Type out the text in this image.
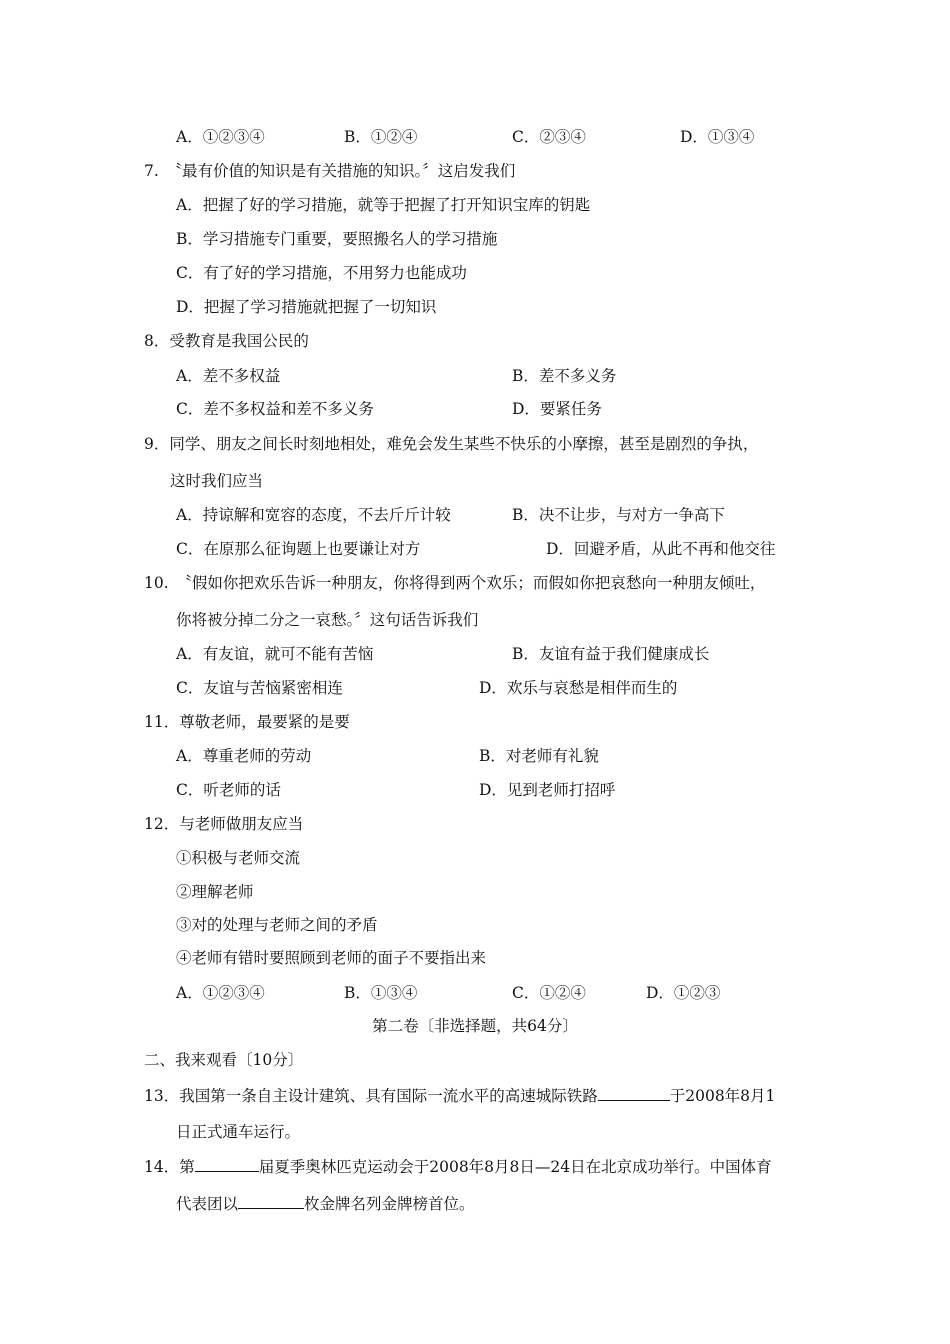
A．①②③④	B．①②④	C．②③④	D．①③④
7.　〝最有价值的知识是有关措施的知识。〞这启发我们
A．把握了好的学习措施，就等于把握了打开知识宝库的钥匙
B．学习措施专门重要，要照搬名人的学习措施
C．有了好的学习措施，不用努力也能成功
D．把握了学习措施就把握了一切知识
8．受教育是我国公民的
A．差不多权益	B．差不多义务
C．差不多权益和差不多义务	D．要紧任务
9．同学、朋友之间长时刻地相处，难免会发生某些不快乐的小摩擦，甚至是剧烈的争执，
这时我们应当
A．持谅解和宽容的态度，不去斤斤计较	B．决不让步，与对方一争高下
C．在原那么征询题上也要谦让对方	D．回避矛盾，从此不再和他交往
10.　〝假如你把欢乐告诉一种朋友，你将得到两个欢乐；而假如你把哀愁向一种朋友倾吐，
你将被分掉二分之一哀愁。〞这句话告诉我们
A．有友谊，就可不能有苦恼	B．友谊有益于我们健康成长
C．友谊与苦恼紧密相连	D．欢乐与哀愁是相伴而生的
11．尊敬老师，最要紧的是要
A．尊重老师的劳动	B．对老师有礼貌
C．听老师的话	D．见到老师打招呼
12．与老师做朋友应当
①积极与老师交流
②理解老师
③对的处理与老师之间的矛盾
④老师有错时要照顾到老师的面子不要指出来
A．①②③④	B．①③④	C．①②④	D．①②③
第二卷〔非选择题，共64分〕
二、我来观看〔10分〕
13．我国第一条自主设计建筑、具有国际一流水平的高速城际铁路	于2008年8月1
日正式通车运行。
14．第	届夏季奥林匹克运动会于2008年8月8日—24日在北京成功举行。中国体育
代表团以	枚金牌名列金牌榜首位。
